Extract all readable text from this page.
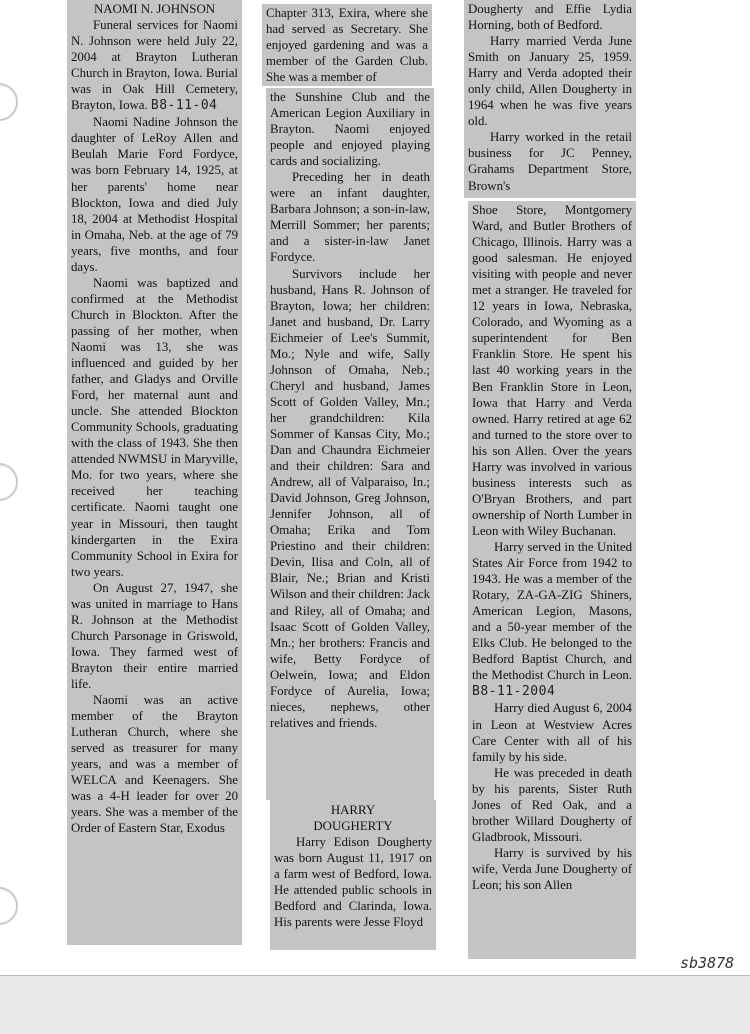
NAOMI N. JOHNSON

Funeral services for Naomi N. Johnson were held July 22, 2004 at Brayton Lutheran Church in Brayton, Iowa. Burial was in Oak Hill Cemetery, Brayton, Iowa. B8-11-04

Naomi Nadine Johnson the daughter of LeRoy Allen and Beulah Marie Ford Fordyce, was born February 14, 1925, at her parents' home near Blockton, Iowa and died July 18, 2004 at Methodist Hospital in Omaha, Neb. at the age of 79 years, five months, and four days.

Naomi was baptized and confirmed at the Methodist Church in Blockton. After the passing of her mother, when Naomi was 13, she was influenced and guided by her father, and Gladys and Orville Ford, her maternal aunt and uncle. She attended Blockton Community Schools, graduating with the class of 1943. She then attended NWMSU in Maryville, Mo. for two years, where she received her teaching certificate. Naomi taught one year in Missouri, then taught kindergarten in the Exira Community School in Exira for two years.

On August 27, 1947, she was united in marriage to Hans R. Johnson at the Methodist Church Parsonage in Griswold, Iowa. They farmed west of Brayton their entire married life.

Naomi was an active member of the Brayton Lutheran Church, where she served as treasurer for many years, and was a member of WELCA and Keenagers. She was a 4-H leader for over 20 years. She was a member of the Order of Eastern Star, Exodus

Chapter 313, Exira, where she had served as Secretary. She enjoyed gardening and was a member of the Garden Club. She was a member of

the Sunshine Club and the American Legion Auxiliary in Brayton. Naomi enjoyed people and enjoyed playing cards and socializing.

Preceding her in death were an infant daughter, Barbara Johnson; a son-in-law, Merrill Sommer; her parents; and a sister-in-law Janet Fordyce.

Survivors include her husband, Hans R. Johnson of Brayton, Iowa; her children: Janet and husband, Dr. Larry Eichmeier of Lee's Summit, Mo.; Nyle and wife, Sally Johnson of Omaha, Neb.; Cheryl and husband, James Scott of Golden Valley, Mn.; her grandchildren: Kila Sommer of Kansas City, Mo.; Dan and Chaundra Eichmeier and their children: Sara and Andrew, all of Valparaiso, In.; David Johnson, Greg Johnson, Jennifer Johnson, all of Omaha; Erika and Tom Priestino and their children: Devin, Ilisa and Coln, all of Blair, Ne.; Brian and Kristi Wilson and their children: Jack and Riley, all of Omaha; and Isaac Scott of Golden Valley, Mn.; her brothers: Francis and wife, Betty Fordyce of Oelwein, Iowa; and Eldon Fordyce of Aurelia, Iowa; nieces, nephews, other relatives and friends.

HARRY
DOUGHERTY

Harry Edison Dougherty was born August 11, 1917 on a farm west of Bedford, Iowa. He attended public schools in Bedford and Clarinda, Iowa. His parents were Jesse Floyd

Dougherty and Effie Lydia Horning, both of Bedford.

Harry married Verda June Smith on January 25, 1959. Harry and Verda adopted their only child, Allen Dougherty in 1964 when he was five years old.

Harry worked in the retail business for JC Penney, Grahams Department Store, Brown's

Shoe Store, Montgomery Ward, and Butler Brothers of Chicago, Illinois. Harry was a good salesman. He enjoyed visiting with people and never met a stranger. He traveled for 12 years in Iowa, Nebraska, Colorado, and Wyoming as a superintendent for Ben Franklin Store. He spent his last 40 working years in the Ben Franklin Store in Leon, Iowa that Harry and Verda owned. Harry retired at age 62 and turned to the store over to his son Allen. Over the years Harry was involved in various business interests such as O'Bryan Brothers, and part ownership of North Lumber in Leon with Wiley Buchanan.

Harry served in the United States Air Force from 1942 to 1943. He was a member of the Rotary, ZA-GA-ZIG Shiners, American Legion, Masons, and a 50-year member of the Elks Club. He belonged to the Bedford Baptist Church, and the Methodist Church in Leon. B8-11-2004

Harry died August 6, 2004 in Leon at Westview Acres Care Center with all of his family by his side.

He was preceded in death by his parents, Sister Ruth Jones of Red Oak, and a brother Willard Dougherty of Gladbrook, Missouri.

Harry is survived by his wife, Verda June Dougherty of Leon; his son Allen

sb3878
